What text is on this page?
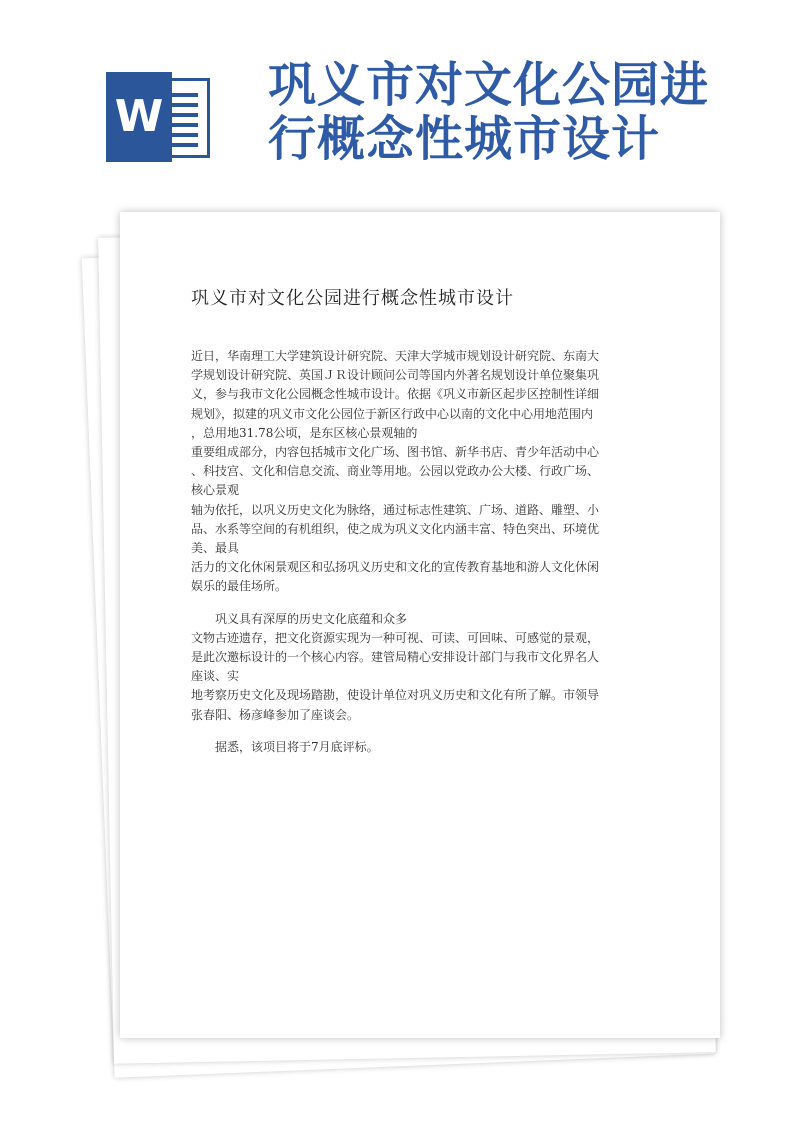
W
巩义市对文化公园进行概念性城市设计
巩义市对文化公园进行概念性城市设计

近日，华南理工大学建筑设计研究院、天津大学城市规划设计研究院、东南大

学规划设计研究院、英国ＪＲ设计顾问公司等国内外著名规划设计单位聚集巩

义，参与我市文化公园概念性城市设计。依据《巩义市新区起步区控制性详细

规划》，拟建的巩义市文化公园位于新区行政中心以南的文化中心用地范围内

，总用地31.78公顷，是东区核心景观轴的

重要组成部分，内容包括城市文化广场、图书馆、新华书店、青少年活动中心

、科技宫、文化和信息交流、商业等用地。公园以党政办公大楼、行政广场、

核心景观

轴为依托，以巩义历史文化为脉络，通过标志性建筑、广场、道路、雕塑、小

品、水系等空间的有机组织，使之成为巩义文化内涵丰富、特色突出、环境优

美、最具

活力的文化休闲景观区和弘扬巩义历史和文化的宣传教育基地和游人文化休闲

娱乐的最佳场所。

巩义具有深厚的历史文化底蕴和众多

文物古迹遗存，把文化资源实现为一种可视、可读、可回味、可感觉的景观，

是此次邀标设计的一个核心内容。建管局精心安排设计部门与我市文化界名人

座谈、实

地考察历史文化及现场踏勘，使设计单位对巩义历史和文化有所了解。市领导

张春阳、杨彦峰参加了座谈会。

据悉，该项目将于7月底评标。
